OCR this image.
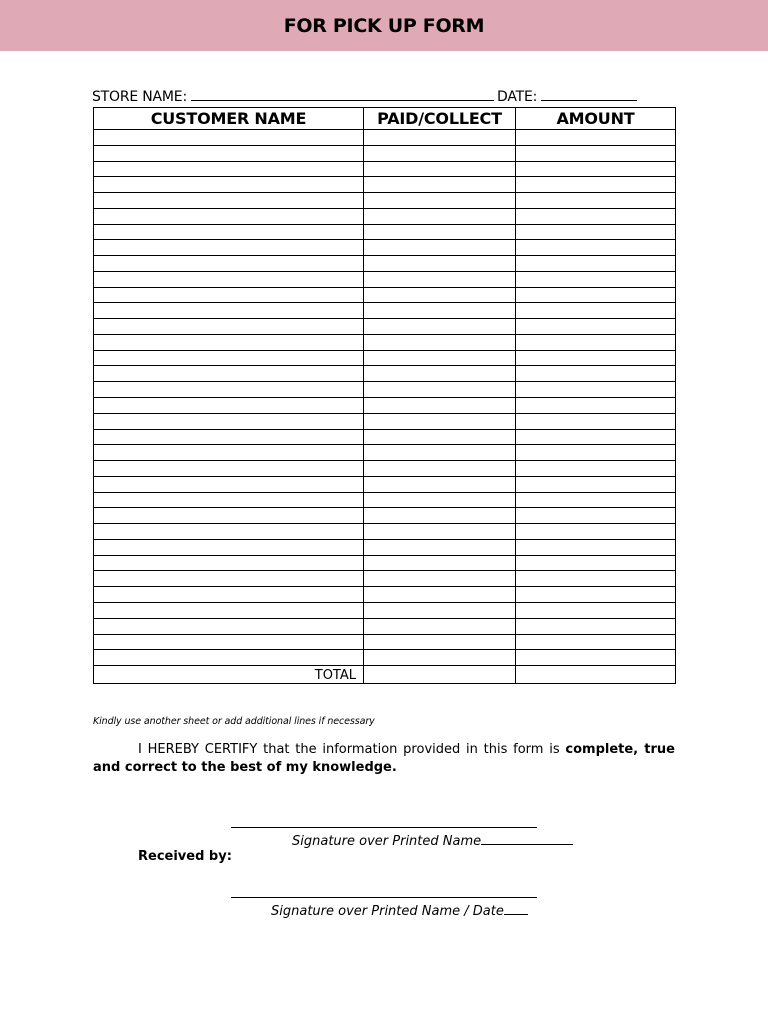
FOR PICK UP FORM
STORE NAME:	DATE:
CUSTOMER NAME	PAID/COLLECT	AMOUNT

TOTAL		
Kindly use another sheet or add additional lines if necessary
I HEREBY CERTIFY that the information provided in this form is complete, true and correct to the best of my knowledge.
Signature over Printed Name
Received by:
Signature over Printed Name / Date
